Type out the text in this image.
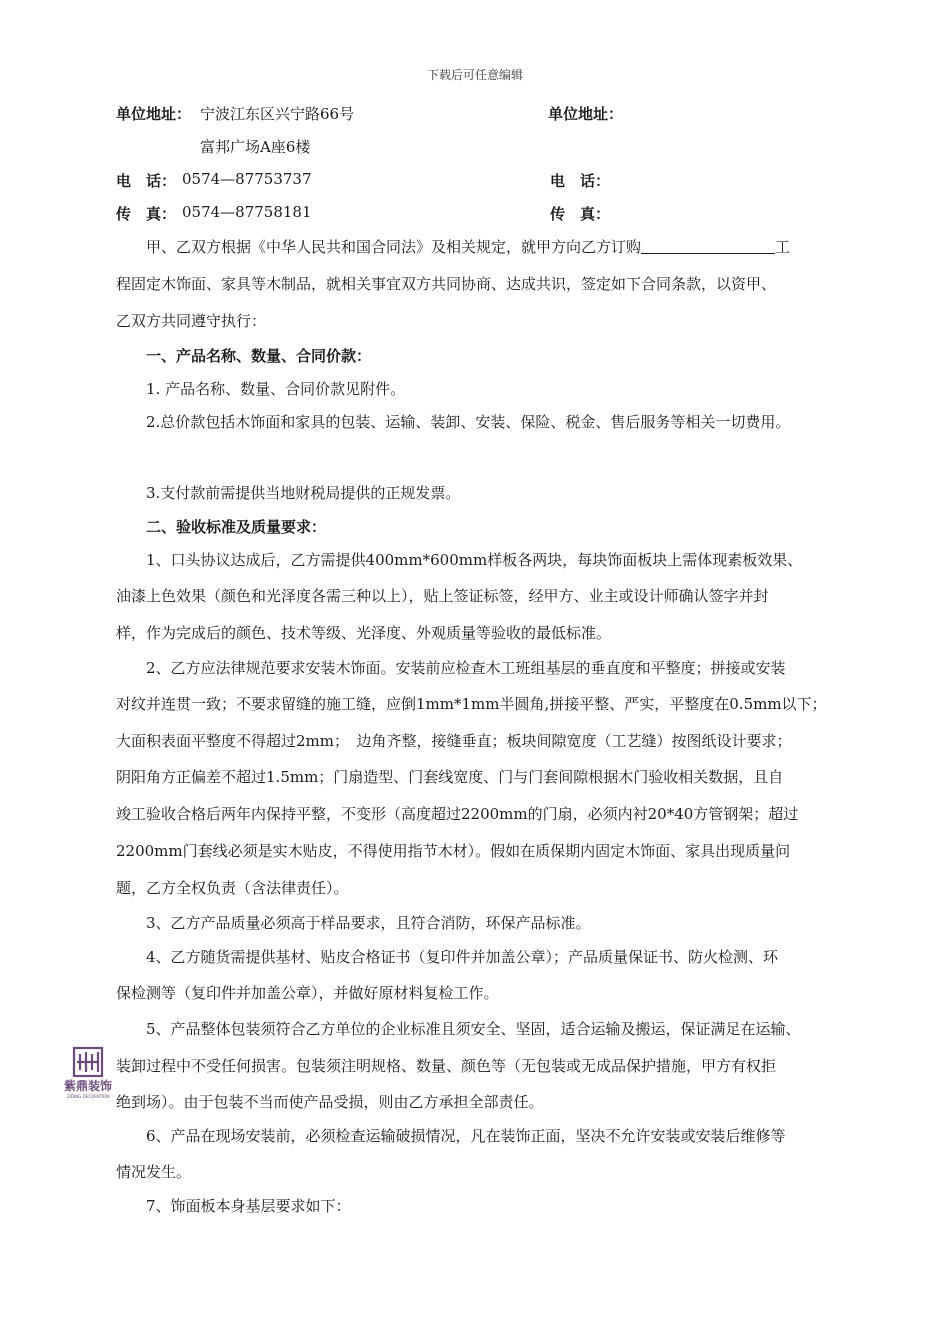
下载后可任意编辑
单位地址： 宁波江东区兴宁路66号
富邦广场A座6楼
电　话： 0574—87753737
传　真： 0574—87758181
单位地址：
电　话：
传　真：
甲、乙双方根据《中华人民共和国合同法》及相关规定，就甲方向乙方订购	工
程固定木饰面、家具等木制品，就相关事宜双方共同协商、达成共识，签定如下合同条款，以资甲、
乙双方共同遵守执行：
一、产品名称、数量、合同价款：
1. 产品名称、数量、合同价款见附件。
2.总价款包括木饰面和家具的包装、运输、装卸、安装、保险、税金、售后服务等相关一切费用。
3.支付款前需提供当地财税局提供的正规发票。
二、验收标准及质量要求：
1、口头协议达成后，乙方需提供400mm*600mm样板各两块，每块饰面板块上需体现素板效果、
油漆上色效果（颜色和光泽度各需三种以上），贴上签证标签，经甲方、业主或设计师确认签字并封
样，作为完成后的颜色、技术等级、光泽度、外观质量等验收的最低标准。
2、乙方应法律规范要求安装木饰面。安装前应检查木工班组基层的垂直度和平整度；拼接或安装
对纹并连贯一致；不要求留缝的施工缝，应倒1mm*1mm半圆角,拼接平整、严实，平整度在0.5mm以下；
大面积表面平整度不得超过2mm；　边角齐整，接缝垂直；板块间隙宽度（工艺缝）按图纸设计要求；
阴阳角方正偏差不超过1.5mm；门扇造型、门套线宽度、门与门套间隙根据木门验收相关数据，且自
竣工验收合格后两年内保持平整，不变形（高度超过2200mm的门扇，必须内衬20*40方管钢架；超过
2200mm门套线必须是实木贴皮，不得使用指节木材）。假如在质保期内固定木饰面、家具出现质量问
题，乙方全权负责（含法律责任）。
3、乙方产品质量必须高于样品要求，且符合消防，环保产品标准。
4、乙方随货需提供基材、贴皮合格证书（复印件并加盖公章）；产品质量保证书、防火检测、环
保检测等（复印件并加盖公章），并做好原材料复检工作。
5、产品整体包装须符合乙方单位的企业标准且须安全、坚固，适合运输及搬运，保证满足在运输、
装卸过程中不受任何损害。包装须注明规格、数量、颜色等（无包装或无成品保护措施，甲方有权拒
绝到场）。由于包装不当而使产品受损，则由乙方承担全部责任。
6、产品在现场安装前，必须检查运输破损情况，凡在装饰正面，坚决不允许安装或安装后维修等
情况发生。
7、饰面板本身基层要求如下：
紫鼎装饰
ZIDING DECORATION
